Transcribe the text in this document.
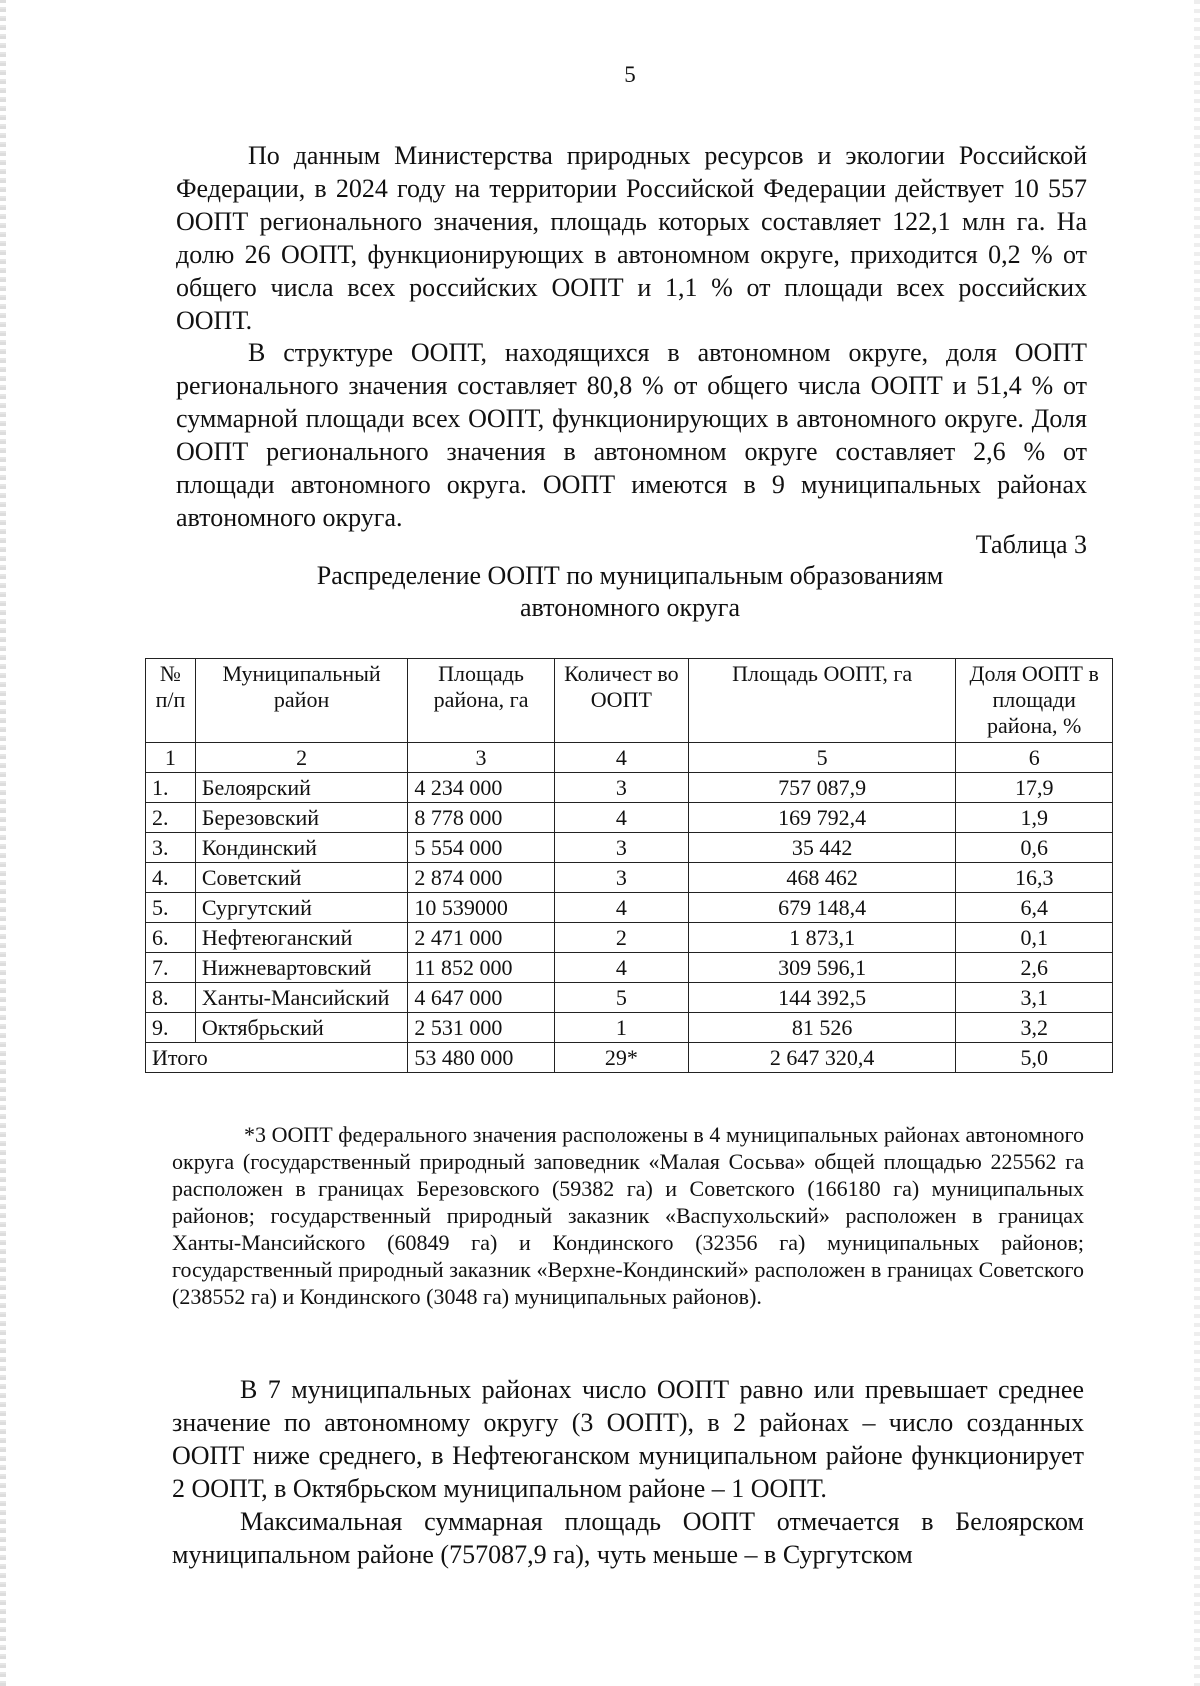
5

По данным Министерства природных ресурсов и экологии Российской Федерации, в 2024 году на территории Российской Федерации действует 10 557 ООПТ регионального значения, площадь которых составляет 122,1 млн га. На долю 26 ООПТ, функционирующих в автономном округе, приходится 0,2 % от общего числа всех российских ООПТ и 1,1 % от площади всех российских ООПТ.

В структуре ООПТ, находящихся в автономном округе, доля ООПТ регионального значения составляет 80,8 % от общего числа ООПТ и 51,4 % от суммарной площади всех ООПТ, функционирующих в автономного округе. Доля ООПТ регионального значения в автономном округе составляет 2,6 % от площади автономного округа. ООПТ имеются в 9 муниципальных районах автономного округа.

Таблица 3
Распределение ООПТ по муниципальным образованиям
автономного округа
№ п/п	Муниципальный район	Площадь района, га	Количест во ООПТ	Площадь ООПТ, га	Доля ООПТ в площади района, %
1	2	3	4	5	6
1.	Белоярский	4 234 000	3	757 087,9	17,9
2.	Березовский	8 778 000	4	169 792,4	1,9
3.	Кондинский	5 554 000	3	35 442	0,6
4.	Советский	2 874 000	3	468 462	16,3
5.	Сургутский	10 539000	4	679 148,4	6,4
6.	Нефтеюганский	2 471 000	2	1 873,1	0,1
7.	Нижневартовский	11 852 000	4	309 596,1	2,6
8.	Ханты-Мансийский	4 647 000	5	144 392,5	3,1
9.	Октябрьский	2 531 000	1	81 526	3,2
Итого		53 480 000	29*	2 647 320,4	5,0

*3 ООПТ федерального значения расположены в 4 муниципальных районах автономного округа (государственный природный заповедник «Малая Сосьва» общей площадью 225562 га расположен в границах Березовского (59382 га) и Советского (166180 га) муниципальных районов; государственный природный заказник «Васпухольский» расположен в границах Ханты-Мансийского (60849 га) и Кондинского (32356 га) муниципальных районов; государственный природный заказник «Верхне-Кондинский» расположен в границах Советского (238552 га) и Кондинского (3048 га) муниципальных районов).

В 7 муниципальных районах число ООПТ равно или превышает среднее значение по автономному округу (3 ООПТ), в 2 районах – число созданных ООПТ ниже среднего, в Нефтеюганском муниципальном районе функционирует 2 ООПТ, в Октябрьском муниципальном районе – 1 ООПТ.

Максимальная суммарная площадь ООПТ отмечается в Белоярском муниципальном районе (757087,9 га), чуть меньше – в Сургутском
